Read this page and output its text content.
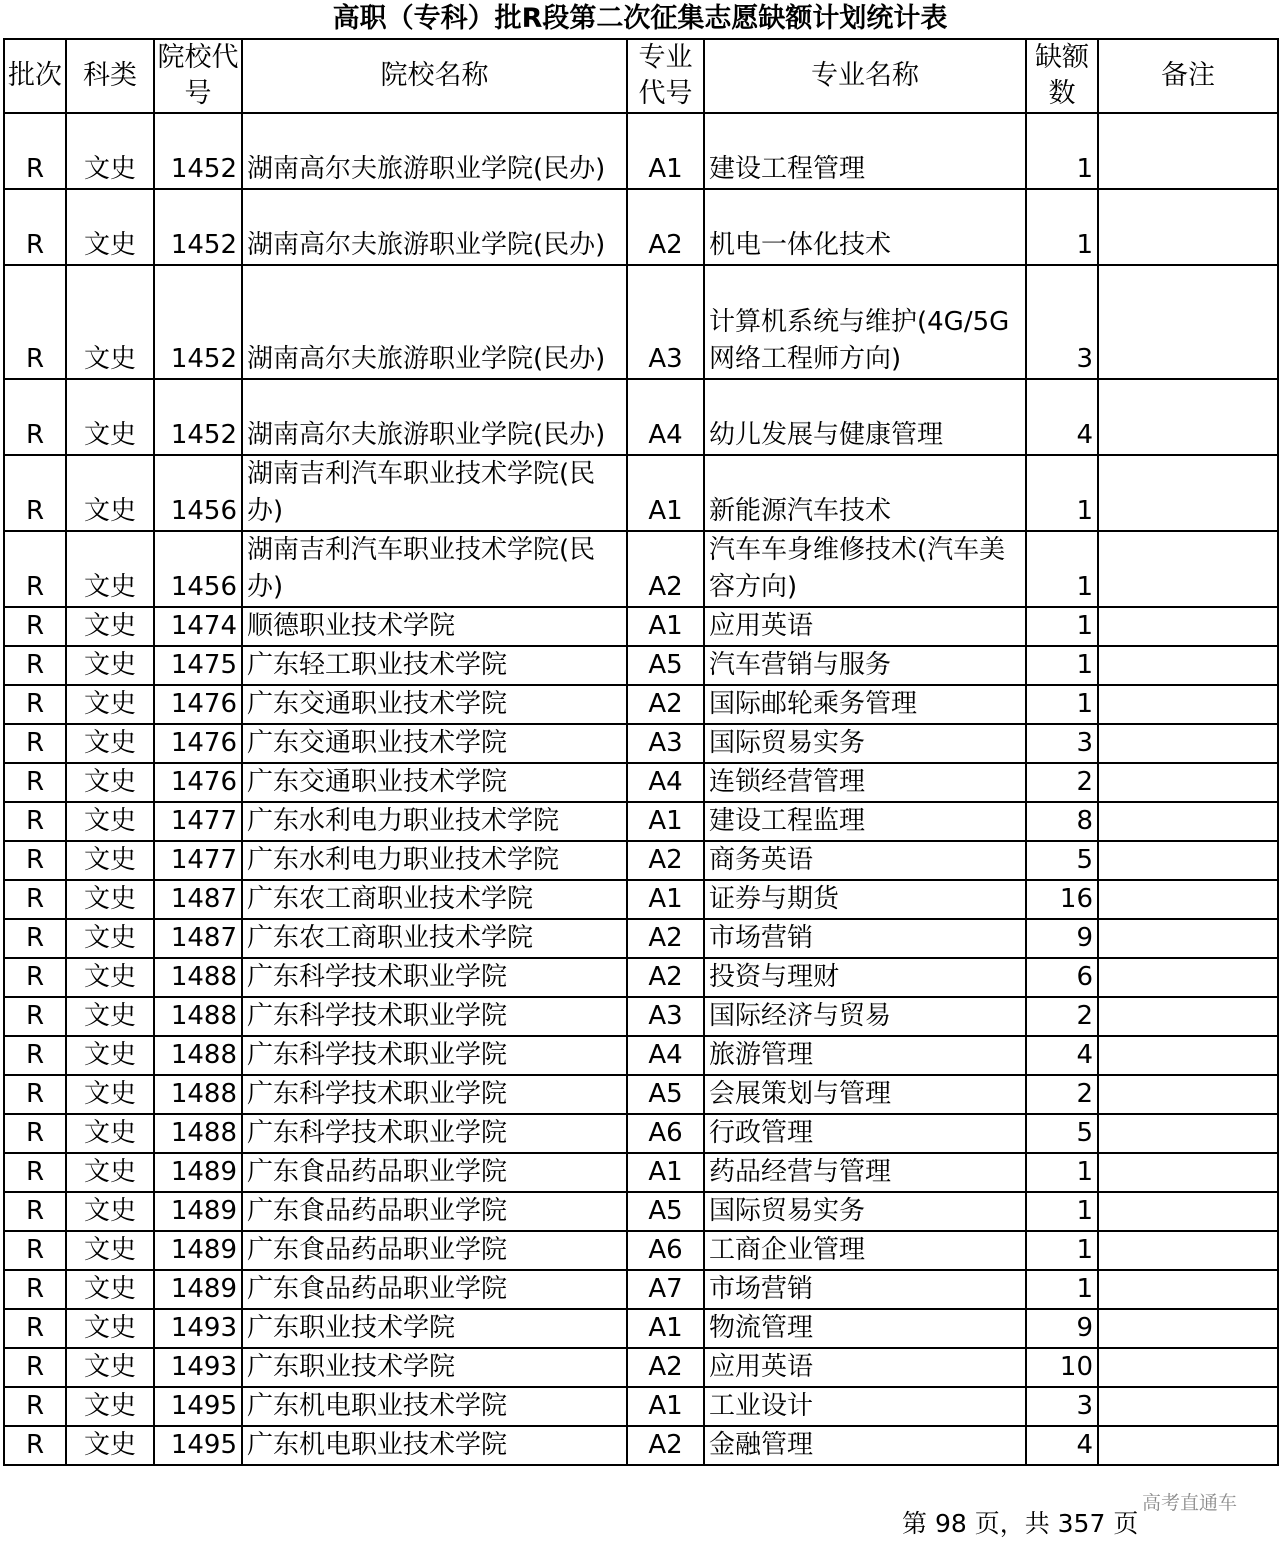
高职（专科）批R段第二次征集志愿缺额计划统计表
批次	科类	院校代号	院校名称	专业代号	专业名称	缺额数	备注
R	文史	1452	湖南高尔夫旅游职业学院(民办)	A1	建设工程管理	1	
R	文史	1452	湖南高尔夫旅游职业学院(民办)	A2	机电一体化技术	1	
R	文史	1452	湖南高尔夫旅游职业学院(民办)	A3	计算机系统与维护(4G/5G网络工程师方向)	3	
R	文史	1452	湖南高尔夫旅游职业学院(民办)	A4	幼儿发展与健康管理	4	
R	文史	1456	湖南吉利汽车职业技术学院(民办)	A1	新能源汽车技术	1	
R	文史	1456	湖南吉利汽车职业技术学院(民办)	A2	汽车车身维修技术(汽车美容方向)	1	
R	文史	1474	顺德职业技术学院	A1	应用英语	1	
R	文史	1475	广东轻工职业技术学院	A5	汽车营销与服务	1	
R	文史	1476	广东交通职业技术学院	A2	国际邮轮乘务管理	1	
R	文史	1476	广东交通职业技术学院	A3	国际贸易实务	3	
R	文史	1476	广东交通职业技术学院	A4	连锁经营管理	2	
R	文史	1477	广东水利电力职业技术学院	A1	建设工程监理	8	
R	文史	1477	广东水利电力职业技术学院	A2	商务英语	5	
R	文史	1487	广东农工商职业技术学院	A1	证券与期货	16	
R	文史	1487	广东农工商职业技术学院	A2	市场营销	9	
R	文史	1488	广东科学技术职业学院	A2	投资与理财	6	
R	文史	1488	广东科学技术职业学院	A3	国际经济与贸易	2	
R	文史	1488	广东科学技术职业学院	A4	旅游管理	4	
R	文史	1488	广东科学技术职业学院	A5	会展策划与管理	2	
R	文史	1488	广东科学技术职业学院	A6	行政管理	5	
R	文史	1489	广东食品药品职业学院	A1	药品经营与管理	1	
R	文史	1489	广东食品药品职业学院	A5	国际贸易实务	1	
R	文史	1489	广东食品药品职业学院	A6	工商企业管理	1	
R	文史	1489	广东食品药品职业学院	A7	市场营销	1	
R	文史	1493	广东职业技术学院	A1	物流管理	9	
R	文史	1493	广东职业技术学院	A2	应用英语	10	
R	文史	1495	广东机电职业技术学院	A1	工业设计	3	
R	文史	1495	广东机电职业技术学院	A2	金融管理	4	
第 98 页，共 357 页
高考直通车
